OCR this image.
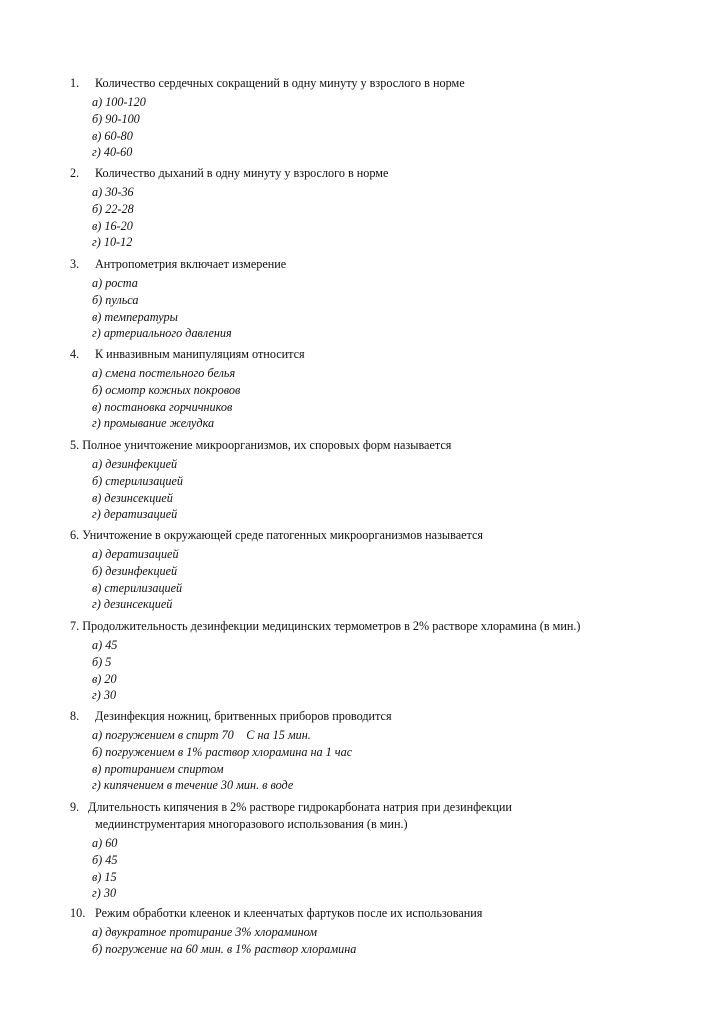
1. Количество сердечных сокращений в одну минуту у взрослого в норме
а) 100-120
б) 90-100
в) 60-80
г) 40-60
2. Количество дыханий в одну минуту у взрослого в норме
а) 30-36
б) 22-28
в) 16-20
г) 10-12
3. Антропометрия включает измерение
а) роста
б) пульса
в) температуры
г) артериального давления
4. К инвазивным манипуляциям относится
а) смена постельного белья
б) осмотр кожных покровов
в) постановка горчичников
г) промывание желудка
5. Полное уничтожение микроорганизмов, их споровых форм называется
а) дезинфекцией
б) стерилизацией
в) дезинсекцией
г) дератизацией
6. Уничтожение в окружающей среде патогенных микроорганизмов называется
а) дератизацией
б) дезинфекцией
в) стерилизацией
г) дезинсекцией
7. Продолжительность дезинфекции медицинских термометров в 2% растворе хлорамина (в мин.)
а) 45
б) 5
в) 20
г) 30
8. Дезинфекция ножниц, бритвенных приборов проводится
а) погружением в спирт 70⃞ С на 15 мин.
б) погружением в 1% раствор хлорамина на 1 час
в) протиранием спиртом
г) кипячением в течение 30 мин. в воде
9. Длительность кипячения в 2% растворе гидрокарбоната натрия при дезинфекции
медиинструментария многоразового использования (в мин.)
а) 60
б) 45
в) 15
г) 30
10. Режим обработки клеенок и клеенчатых фартуков после их использования
а) двукратное протирание 3% хлорамином
б) погружение на 60 мин. в 1% раствор хлорамина
